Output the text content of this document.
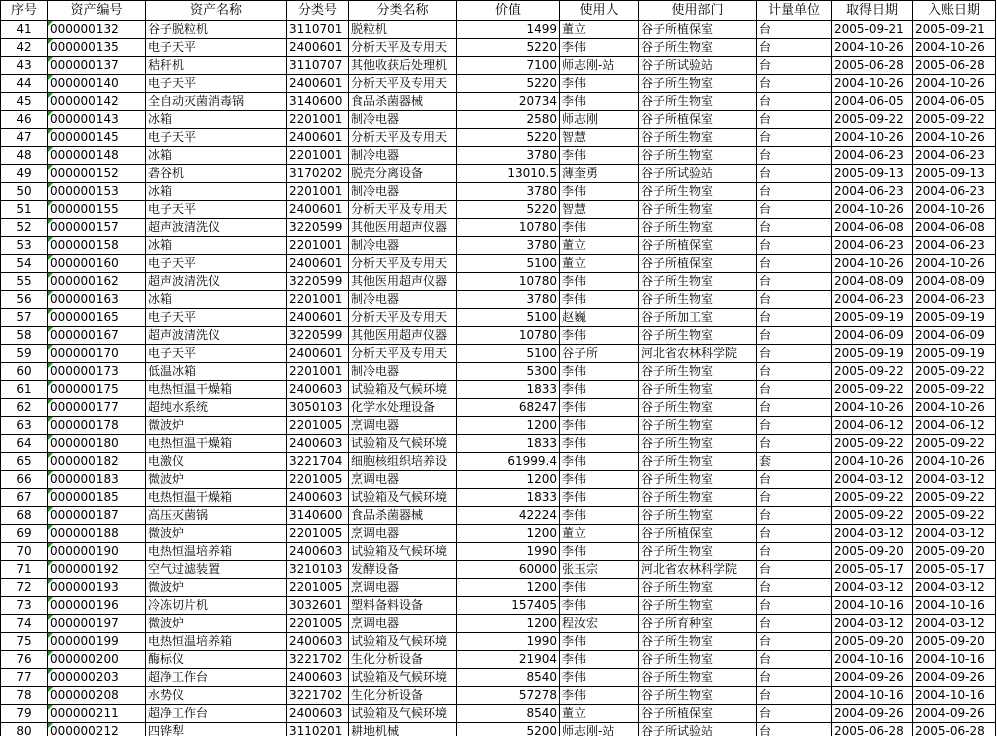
序号	资产编号	资产名称	分类号	分类名称	价值	使用人	使用部门	计量单位	取得日期	入账日期
41	000000132	谷子脱粒机	3110701	脱粒机	1499	董立	谷子所植保室	台	2005-09-21	2005-09-21
42	000000135	电子天平	2400601	分析天平及专用天	5220	李伟	谷子所生物室	台	2004-10-26	2004-10-26
43	000000137	秸秆机	3110707	其他收获后处理机	7100	师志刚-站	谷子所试验站	台	2005-06-28	2005-06-28
44	000000140	电子天平	2400601	分析天平及专用天	5220	李伟	谷子所生物室	台	2004-10-26	2004-10-26
45	000000142	全自动灭菌消毒锅	3140600	食品杀菌器械	20734	李伟	谷子所生物室	台	2004-06-05	2004-06-05
46	000000143	冰箱	2201001	制冷电器	2580	师志刚	谷子所植保室	台	2005-09-22	2005-09-22
47	000000145	电子天平	2400601	分析天平及专用天	5220	智慧	谷子所生物室	台	2004-10-26	2004-10-26
48	000000148	冰箱	2201001	制冷电器	3780	李伟	谷子所生物室	台	2004-06-23	2004-06-23
49	000000152	砻谷机	3170202	脱壳分离设备	13010.5	薄奎勇	谷子所试验站	台	2005-09-13	2005-09-13
50	000000153	冰箱	2201001	制冷电器	3780	李伟	谷子所生物室	台	2004-06-23	2004-06-23
51	000000155	电子天平	2400601	分析天平及专用天	5220	智慧	谷子所生物室	台	2004-10-26	2004-10-26
52	000000157	超声波清洗仪	3220599	其他医用超声仪器	10780	李伟	谷子所生物室	台	2004-06-08	2004-06-08
53	000000158	冰箱	2201001	制冷电器	3780	董立	谷子所植保室	台	2004-06-23	2004-06-23
54	000000160	电子天平	2400601	分析天平及专用天	5100	董立	谷子所植保室	台	2004-10-26	2004-10-26
55	000000162	超声波清洗仪	3220599	其他医用超声仪器	10780	李伟	谷子所生物室	台	2004-08-09	2004-08-09
56	000000163	冰箱	2201001	制冷电器	3780	李伟	谷子所生物室	台	2004-06-23	2004-06-23
57	000000165	电子天平	2400601	分析天平及专用天	5100	赵巍	谷子所加工室	台	2005-09-19	2005-09-19
58	000000167	超声波清洗仪	3220599	其他医用超声仪器	10780	李伟	谷子所生物室	台	2004-06-09	2004-06-09
59	000000170	电子天平	2400601	分析天平及专用天	5100	谷子所	河北省农林科学院	台	2005-09-19	2005-09-19
60	000000173	低温冰箱	2201001	制冷电器	5300	李伟	谷子所生物室	台	2005-09-22	2005-09-22
61	000000175	电热恒温干燥箱	2400603	试验箱及气候环境	1833	李伟	谷子所生物室	台	2005-09-22	2005-09-22
62	000000177	超纯水系统	3050103	化学水处理设备	68247	李伟	谷子所生物室	台	2004-10-26	2004-10-26
63	000000178	微波炉	2201005	烹调电器	1200	李伟	谷子所生物室	台	2004-06-12	2004-06-12
64	000000180	电热恒温干燥箱	2400603	试验箱及气候环境	1833	李伟	谷子所生物室	台	2005-09-22	2005-09-22
65	000000182	电激仪	3221704	细胞核组织培养设	61999.4	李伟	谷子所生物室	套	2004-10-26	2004-10-26
66	000000183	微波炉	2201005	烹调电器	1200	李伟	谷子所生物室	台	2004-03-12	2004-03-12
67	000000185	电热恒温干燥箱	2400603	试验箱及气候环境	1833	李伟	谷子所生物室	台	2005-09-22	2005-09-22
68	000000187	高压灭菌锅	3140600	食品杀菌器械	42224	李伟	谷子所生物室	台	2005-09-22	2005-09-22
69	000000188	微波炉	2201005	烹调电器	1200	董立	谷子所植保室	台	2004-03-12	2004-03-12
70	000000190	电热恒温培养箱	2400603	试验箱及气候环境	1990	李伟	谷子所生物室	台	2005-09-20	2005-09-20
71	000000192	空气过滤装置	3210103	发酵设备	60000	张玉宗	河北省农林科学院	台	2005-05-17	2005-05-17
72	000000193	微波炉	2201005	烹调电器	1200	李伟	谷子所生物室	台	2004-03-12	2004-03-12
73	000000196	冷冻切片机	3032601	塑料备料设备	157405	李伟	谷子所生物室	台	2004-10-16	2004-10-16
74	000000197	微波炉	2201005	烹调电器	1200	程汝宏	谷子所育种室	台	2004-03-12	2004-03-12
75	000000199	电热恒温培养箱	2400603	试验箱及气候环境	1990	李伟	谷子所生物室	台	2005-09-20	2005-09-20
76	000000200	酶标仪	3221702	生化分析设备	21904	李伟	谷子所生物室	台	2004-10-16	2004-10-16
77	000000203	超净工作台	2400603	试验箱及气候环境	8540	李伟	谷子所生物室	台	2004-09-26	2004-09-26
78	000000208	水势仪	3221702	生化分析设备	57278	李伟	谷子所生物室	台	2004-10-16	2004-10-16
79	000000211	超净工作台	2400603	试验箱及气候环境	8540	董立	谷子所植保室	台	2004-09-26	2004-09-26
80	000000212	四铧犁	3110201	耕地机械	5200	师志刚-站	谷子所试验站	台	2005-06-28	2005-06-28
